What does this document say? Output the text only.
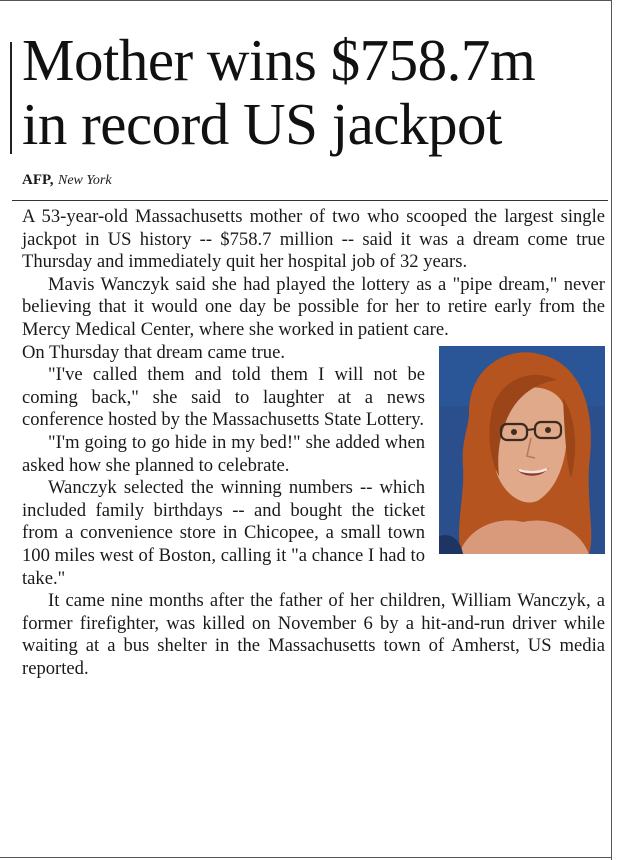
Mother wins $758.7m
in record US jackpot
AFP, New York

A 53-year-old Massachusetts mother of two who scooped the largest single jackpot in US history -- $758.7 million -- said it was a dream come true Thursday and immediately quit her hospital job of 32 years.

Mavis Wanczyk said she had played the lottery as a "pipe dream," never believing that it would one day be possible for her to retire early from the Mercy Medical Center, where she worked in patient care.

On Thursday that dream came true.

"I've called them and told them I will not be coming back," she said to laughter at a news conference hosted by the Massachusetts State Lottery.

"I'm going to go hide in my bed!" she added when asked how she planned to celebrate.

Wanczyk selected the winning numbers -- which included family birthdays -- and bought the ticket from a convenience store in Chicopee, a small town 100 miles west of Boston, calling it "a chance I had to take."

It came nine months after the father of her children, William Wanczyk, a former firefighter, was killed on November 6 by a hit-and-run driver while waiting at a bus shelter in the Massachusetts town of Amherst, US media reported.
